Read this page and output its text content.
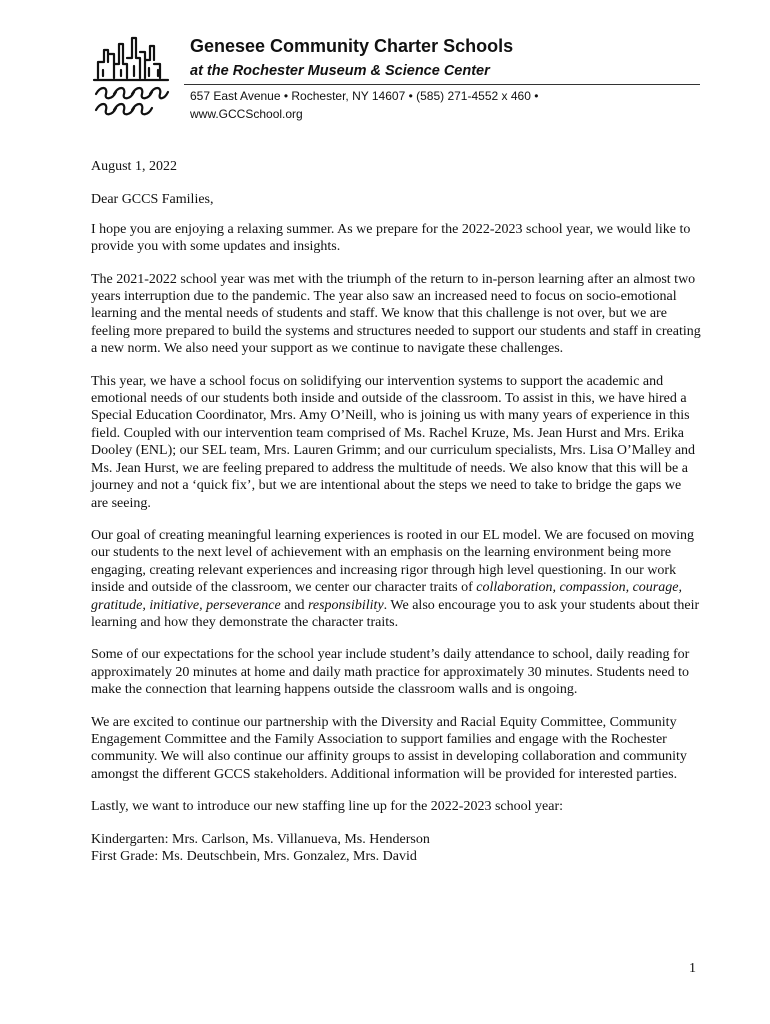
Genesee Community Charter Schools
at the Rochester Museum & Science Center
657 East Avenue • Rochester, NY 14607 • (585) 271-4552 x 460 •
www.GCCSchool.org

August 1, 2022

Dear GCCS Families,

I hope you are enjoying a relaxing summer. As we prepare for the 2022-2023 school year, we would like to provide you with some updates and insights.

The 2021-2022 school year was met with the triumph of the return to in-person learning after an almost two years interruption due to the pandemic. The year also saw an increased need to focus on socio-emotional learning and the mental needs of students and staff. We know that this challenge is not over, but we are feeling more prepared to build the systems and structures needed to support our students and staff in creating a new norm. We also need your support as we continue to navigate these challenges.

This year, we have a school focus on solidifying our intervention systems to support the academic and emotional needs of our students both inside and outside of the classroom. To assist in this, we have hired a Special Education Coordinator, Mrs. Amy O’Neill, who is joining us with many years of experience in this field. Coupled with our intervention team comprised of Ms. Rachel Kruze, Ms. Jean Hurst and Mrs. Erika Dooley (ENL); our SEL team, Mrs. Lauren Grimm; and our curriculum specialists, Mrs. Lisa O’Malley and Ms. Jean Hurst, we are feeling prepared to address the multitude of needs. We also know that this will be a journey and not a ‘quick fix’, but we are intentional about the steps we need to take to bridge the gaps we are seeing.

Our goal of creating meaningful learning experiences is rooted in our EL model. We are focused on moving our students to the next level of achievement with an emphasis on the learning environment being more engaging, creating relevant experiences and increasing rigor through high level questioning. In our work inside and outside of the classroom, we center our character traits of collaboration, compassion, courage, gratitude, initiative, perseverance and responsibility. We also encourage you to ask your students about their learning and how they demonstrate the character traits.

Some of our expectations for the school year include student’s daily attendance to school, daily reading for approximately 20 minutes at home and daily math practice for approximately 30 minutes. Students need to make the connection that learning happens outside the classroom walls and is ongoing.

We are excited to continue our partnership with the Diversity and Racial Equity Committee, Community Engagement Committee and the Family Association to support families and engage with the Rochester community. We will also continue our affinity groups to assist in developing collaboration and community amongst the different GCCS stakeholders. Additional information will be provided for interested parties.

Lastly, we want to introduce our new staffing line up for the 2022-2023 school year:

Kindergarten: Mrs. Carlson, Ms. Villanueva, Ms. Henderson
First Grade: Ms. Deutschbein, Mrs. Gonzalez, Mrs. David

1
